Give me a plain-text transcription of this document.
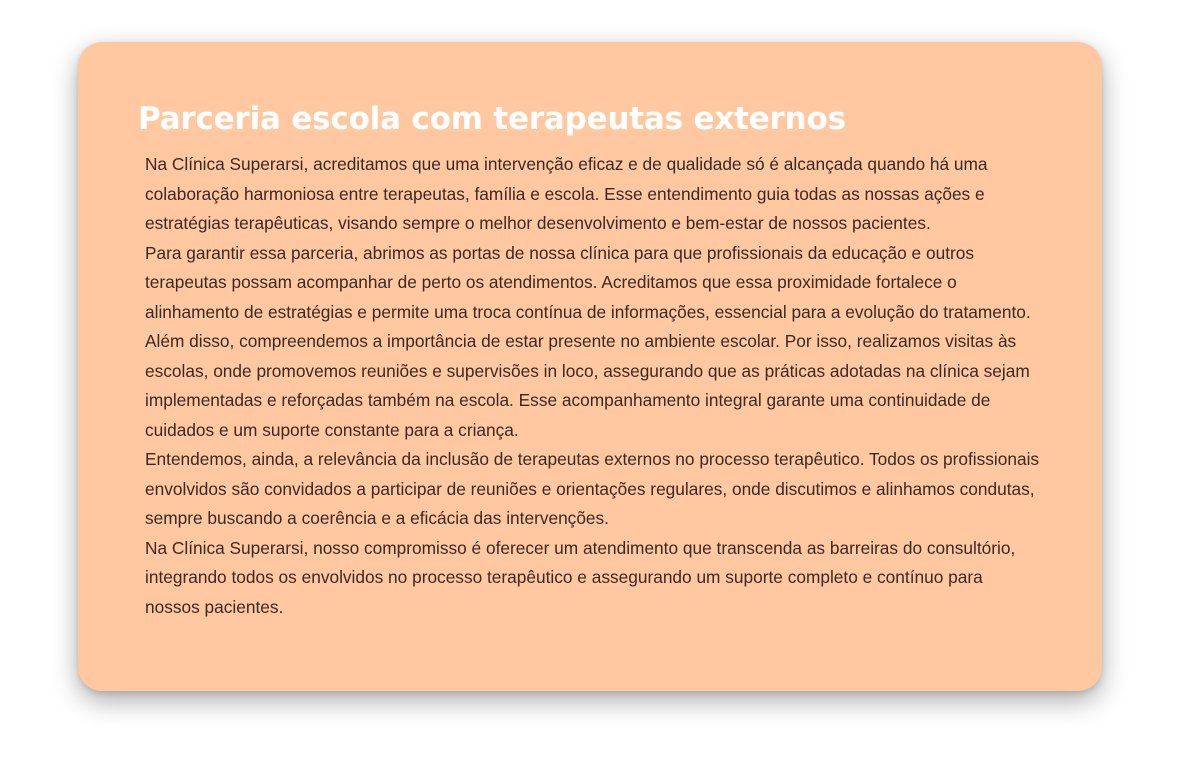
Parceria escola com terapeutas externos

Na Clínica Superarsi, acreditamos que uma intervenção eficaz e de qualidade só é alcançada quando há uma colaboração harmoniosa entre terapeutas, família e escola. Esse entendimento guia todas as nossas ações e estratégias terapêuticas, visando sempre o melhor desenvolvimento e bem-estar de nossos pacientes.

Para garantir essa parceria, abrimos as portas de nossa clínica para que profissionais da educação e outros terapeutas possam acompanhar de perto os atendimentos. Acreditamos que essa proximidade fortalece o alinhamento de estratégias e permite uma troca contínua de informações, essencial para a evolução do tratamento.

Além disso, compreendemos a importância de estar presente no ambiente escolar. Por isso, realizamos visitas às escolas, onde promovemos reuniões e supervisões in loco, assegurando que as práticas adotadas na clínica sejam implementadas e reforçadas também na escola. Esse acompanhamento integral garante uma continuidade de cuidados e um suporte constante para a criança.

Entendemos, ainda, a relevância da inclusão de terapeutas externos no processo terapêutico. Todos os profissionais envolvidos são convidados a participar de reuniões e orientações regulares, onde discutimos e alinhamos condutas, sempre buscando a coerência e a eficácia das intervenções.

Na Clínica Superarsi, nosso compromisso é oferecer um atendimento que transcenda as barreiras do consultório, integrando todos os envolvidos no processo terapêutico e assegurando um suporte completo e contínuo para nossos pacientes.
